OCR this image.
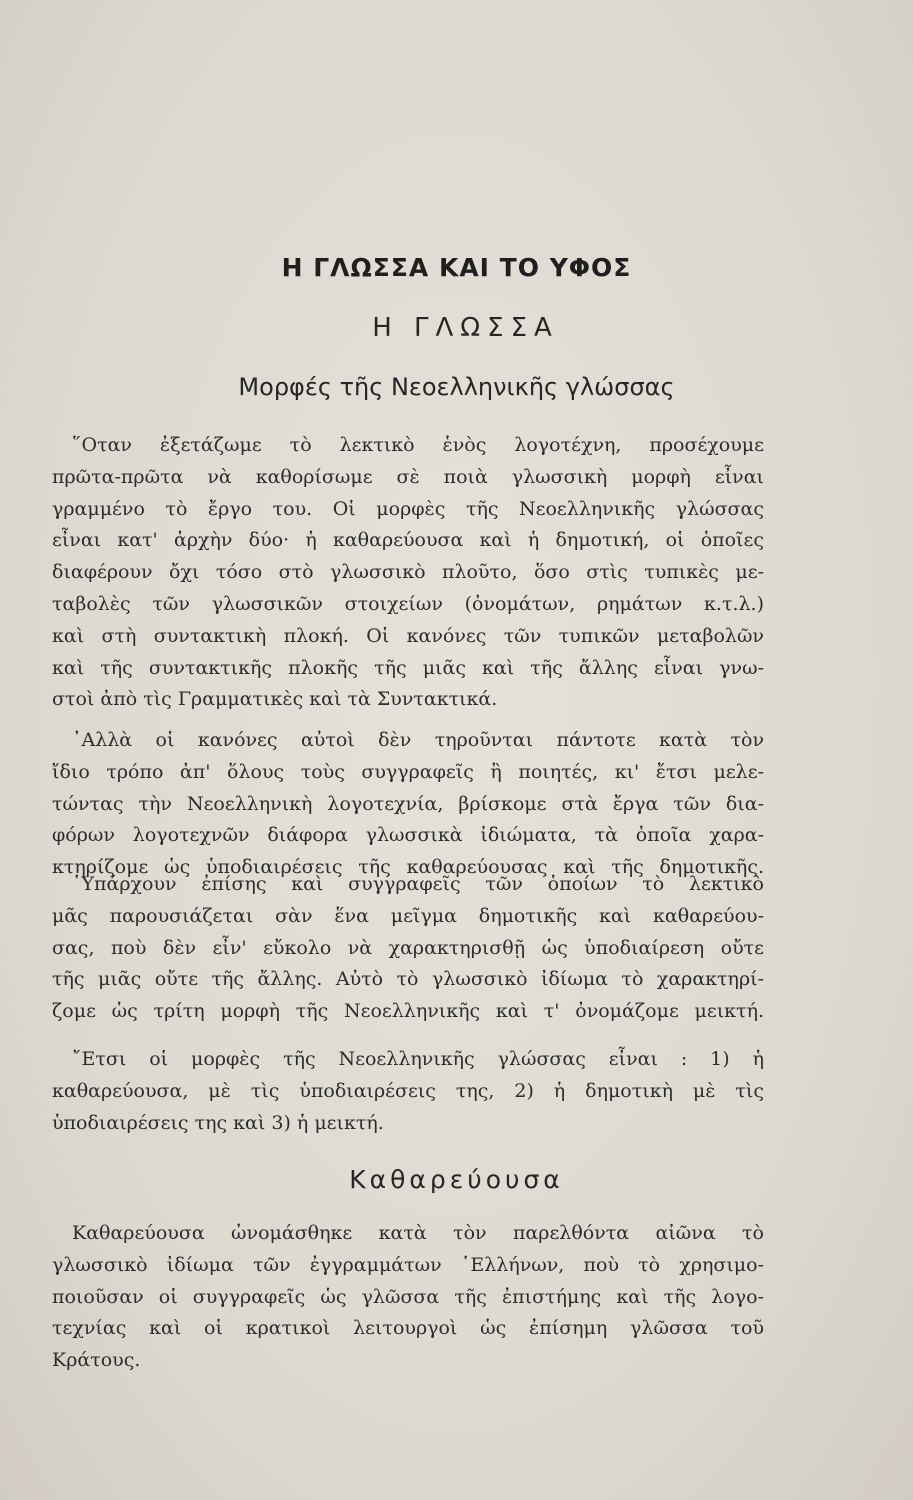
Η ΓΛΩΣΣΑ ΚΑΙ ΤΟ ΥΦΟΣ
Η ΓΛΩΣΣΑ
Μορφές τῆς Νεοελληνικῆς γλώσσας
῞Οταν ἐξετάζωμε τὸ λεκτικὸ ἑνὸς λογοτέχνη, προσέχουμε
πρῶτα-πρῶτα νὰ καθορίσωμε σὲ ποιὰ γλωσσικὴ μορφὴ εἶναι
γραμμένο τὸ ἔργο του. Οἱ μορφὲς τῆς Νεοελληνικῆς γλώσσας
εἶναι κατ' ἀρχὴν δύο· ἡ καθαρεύουσα καὶ ἡ δημοτική, οἱ ὁποῖες
διαφέρουν ὄχι τόσο στὸ γλωσσικὸ πλοῦτο, ὅσο στὶς τυπικὲς με-
ταβολὲς τῶν γλωσσικῶν στοιχείων (ὀνομάτων, ρημάτων κ.τ.λ.)
καὶ στὴ συντακτικὴ πλοκή. Οἱ κανόνες τῶν τυπικῶν μεταβολῶν
καὶ τῆς συντακτικῆς πλοκῆς τῆς μιᾶς καὶ τῆς ἄλλης εἶναι γνω-
στοὶ ἀπὸ τὶς Γραμματικὲς καὶ τὰ Συντακτικά.
᾿Αλλὰ οἱ κανόνες αὐτοὶ δὲν τηροῦνται πάντοτε κατὰ τὸν
ἴδιο τρόπο ἀπ' ὅλους τοὺς συγγραφεῖς ἢ ποιητές, κι' ἔτσι μελε-
τώντας τὴν Νεοελληνικὴ λογοτεχνία, βρίσκομε στὰ ἔργα τῶν δια-
φόρων λογοτεχνῶν διάφορα γλωσσικὰ ἰδιώματα, τὰ ὁποῖα χαρα-
κτηρίζομε ὡς ὑποδιαιρέσεις τῆς καθαρεύουσας καὶ τῆς δημοτικῆς.
῾Υπάρχουν ἐπίσης καὶ συγγραφεῖς τῶν ὁποίων τὸ λεκτικὸ
μᾶς παρουσιάζεται σὰν ἕνα μεῖγμα δημοτικῆς καὶ καθαρεύου-
σας, ποὺ δὲν εἶν' εὔκολο νὰ χαρακτηρισθῇ ὡς ὑποδιαίρεση οὔτε
τῆς μιᾶς οὔτε τῆς ἄλλης. Αὐτὸ τὸ γλωσσικὸ ἰδίωμα τὸ χαρακτηρί-
ζομε ὡς τρίτη μορφὴ τῆς Νεοελληνικῆς καὶ τ' ὀνομάζομε μεικτή.
῎Ετσι οἱ μορφὲς τῆς Νεοελληνικῆς γλώσσας εἶναι : 1) ἡ
καθαρεύουσα, μὲ τὶς ὑποδιαιρέσεις της, 2) ἡ δημοτικὴ μὲ τὶς
ὑποδιαιρέσεις της καὶ 3) ἡ μεικτή.
Καθαρεύουσα
Καθαρεύουσα ὠνομάσθηκε κατὰ τὸν παρελθόντα αἰῶνα τὸ
γλωσσικὸ ἰδίωμα τῶν ἐγγραμμάτων ῾Ελλήνων, ποὺ τὸ χρησιμο-
ποιοῦσαν οἱ συγγραφεῖς ὡς γλῶσσα τῆς ἐπιστήμης καὶ τῆς λογο-
τεχνίας καὶ οἱ κρατικοὶ λειτουργοὶ ὡς ἐπίσημη γλῶσσα τοῦ
Κράτους.
